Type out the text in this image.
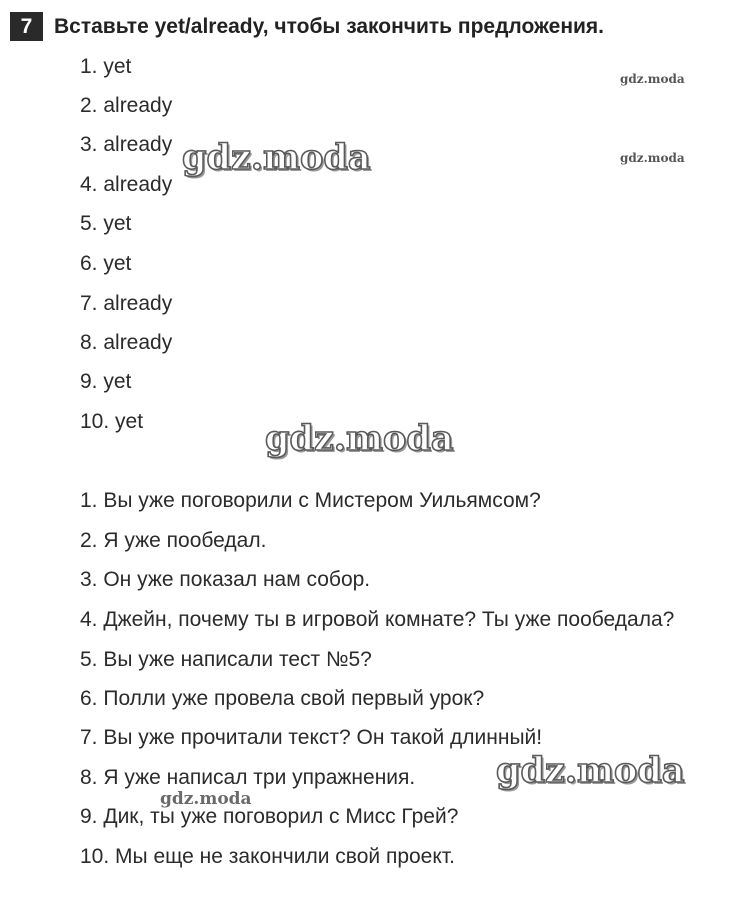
7	Вставьте yet/already, чтобы закончить предложения.
1. yet
2. already
3. already
4. already
5. yet
6. yet
7. already
8. already
9. yet
10. yet
1. Вы уже поговорили с Мистером Уильямсом?
2. Я уже пообедал.
3. Он уже показал нам собор.
4. Джейн, почему ты в игровой комнате? Ты уже пообедала?
5. Вы уже написали тест №5?
6. Полли уже провела свой первый урок?
7. Вы уже прочитали текст? Он такой длинный!
8. Я уже написал три упражнения.
9. Дик, ты уже поговорил с Мисс Грей?
10. Мы еще не закончили свой проект.
gdz.moda
gdz.moda
gdz.moda
gdz.moda
gdz.moda
gdz.moda
